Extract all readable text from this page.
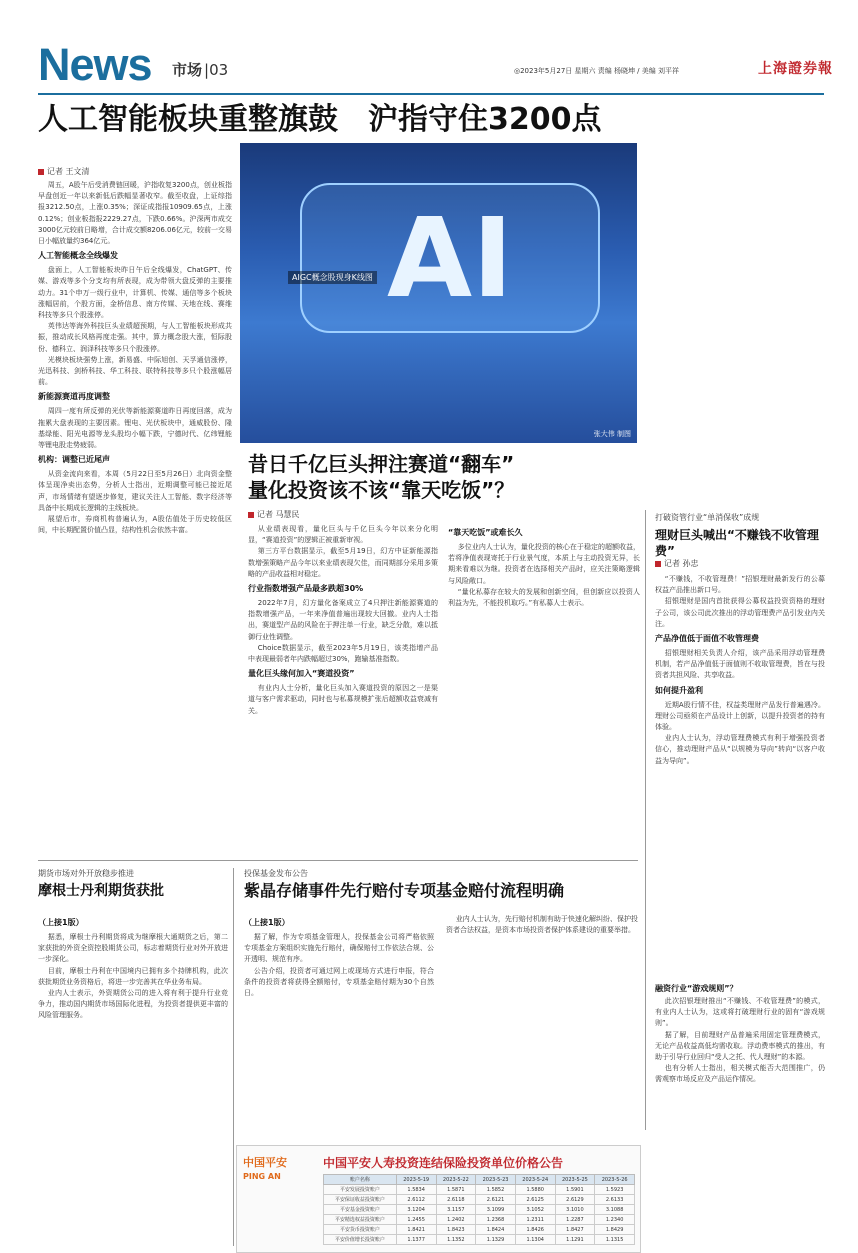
News 市场 |03	◎2023年5月27日 星期六 责编 杨晓坤 / 美编 刘平祥	上海證券報
人工智能板块重整旗鼓　沪指守住3200点
记者 王文清

周五，A股午后受消费链回暖，沪指收复3200点，创业板指早盘创近一年以来新低后跌幅显著收窄。截至收盘，上证综指报3212.50点，上涨0.35%；深证成指报10909.65点，上涨0.12%；创业板指报2229.27点，下跌0.66%。沪深两市成交3000亿元较前日略增，合计成交额8206.06亿元，较前一交易日小幅放量约364亿元。

人工智能概念全线爆发

盘面上，人工智能板块昨日午后全线爆发，ChatGPT、传媒、游戏等多个分支均有所表现，成为带领大盘反弹的主要推动力。31个申万一级行业中，计算机、传媒、通信等多个板块涨幅居前，个股方面，金桥信息、南方传媒、天地在线、赛维科技等多只个股涨停。

英伟达等海外科技巨头业绩超预期，与人工智能板块形成共振，推动成长风格再度走强。其中，算力概念股大涨，恒际股份、德科立、润泽科技等多只个股涨停。

光模块板块强势上涨，新易盛、中际旭创、天孚通信涨停，光迅科技、剑桥科技、华工科技、联特科技等多只个股涨幅居前。

新能源赛道再度调整

周四一度有所反弹的光伏等新能源赛道昨日再度回落，成为拖累大盘表现的主要因素。锂电、光伏板块中，通威股份、隆基绿能、阳光电源等龙头股均小幅下跌，宁德时代、亿纬锂能等锂电股走势疲弱。

机构：调整已近尾声

从资金流向来看，本周（5月22日至5月26日）北向资金整体呈现净卖出态势，分析人士指出，近期调整可能已接近尾声，市场情绪有望逐步修复，建议关注人工智能、数字经济等具备中长期成长逻辑的主线板块。

展望后市，券商机构普遍认为，A股估值处于历史较低区间，中长期配置价值凸显，结构性机会依然丰富。

AI
AIGC概念股现身K线图
张大伟 制图
昔日千亿巨头押注赛道“翻车”
量化投资该不该“靠天吃饭”？
记者 马慧民

从业绩表现看，量化巨头与千亿巨头今年以来分化明显，“赛道投资”的逻辑正被重新审视。

第三方平台数据显示，截至5月19日，幻方中证新能源指数增强策略产品今年以来业绩表现欠佳，而同期部分采用多策略的产品收益相对稳定。

行业指数增强产品最多跌超30%

2022年7月，幻方量化备案成立了4只押注新能源赛道的指数增强产品，一年来净值普遍出现较大回撤。业内人士指出，赛道型产品的风险在于押注单一行业，缺乏分散，难以抵御行业性调整。

Choice数据显示，截至2023年5月19日，该类指增产品中表现最弱者年内跌幅超过30%，跑输基准指数。

量化巨头缘何加入“赛道投资”

有业内人士分析，量化巨头加入赛道投资的原因之一是渠道与客户需求驱动，同时也与私募规模扩张后超额收益衰减有关。

“靠天吃饭”或难长久

多位业内人士认为，量化投资的核心在于稳定的超额收益，若将净值表现寄托于行业景气度，本质上与主动投资无异，长期来看难以为继。投资者在选择相关产品时，应关注策略逻辑与风险敞口。

“量化私募存在较大的发展和创新空间，但创新应以投资人利益为先，不能投机取巧。”有私募人士表示。

打破资管行业“单消保收”成规
理财巨头喊出“不赚钱不收管理费”
记者 孙忠

“不赚钱，不收管理费！”招银理财最新发行的公募权益产品推出新口号。

招银理财是国内首批获得公募权益投资资格的理财子公司，该公司此次推出的浮动管理费产品引发业内关注。

产品净值低于面值不收管理费

招银理财相关负责人介绍，该产品采用浮动管理费机制，若产品净值低于面值则不收取管理费，旨在与投资者共担风险、共享收益。

如何提升盈利

近期A股行情不佳，权益类理财产品发行普遍遇冷。理财公司亟须在产品设计上创新，以提升投资者的持有体验。

业内人士认为，浮动管理费模式有利于增强投资者信心，推动理财产品从“以规模为导向”转向“以客户收益为导向”。

期货市场对外开放稳步推进
摩根士丹利期货获批
（上接1版）

据悉，摩根士丹利期货将成为继摩根大通期货之后，第二家获批的外资全资控股期货公司，标志着期货行业对外开放进一步深化。

目前，摩根士丹利在中国境内已拥有多个持牌机构，此次获批期货业务资格后，将进一步完善其在华业务布局。

业内人士表示，外资期货公司的进入将有利于提升行业竞争力，推动国内期货市场国际化进程，为投资者提供更丰富的风险管理服务。

投保基金发布公告
紫晶存储事件先行赔付专项基金赔付流程明确
（上接1版）

据了解，作为专项基金管理人，投保基金公司将严格依照专项基金方案组织实施先行赔付，确保赔付工作依法合规、公开透明、规范有序。

公告介绍，投资者可通过网上或现场方式进行申报，符合条件的投资者将获得全额赔付，专项基金赔付期为30个自然日。

业内人士认为，先行赔付机制有助于快速化解纠纷、保护投资者合法权益，是资本市场投资者保护体系建设的重要举措。

融资行业“游戏规则”？

此次招银理财推出“不赚钱、不收管理费”的模式，有业内人士认为，这或将打破理财行业的固有“游戏规则”。

据了解，目前理财产品普遍采用固定管理费模式，无论产品收益高低均需收取。浮动费率模式的推出，有助于引导行业回归“受人之托、代人理财”的本源。

也有分析人士指出，相关模式能否大范围推广，仍需观察市场反应及产品运作情况。

中国平安
PING AN
中国平安人寿投资连结保险投资单位价格公告
账户名称	2023-5-19	2023-5-22	2023-5-23	2023-5-24	2023-5-25	2023-5-26
平安发展投资账户	1.5834	1.5871	1.5852	1.5880	1.5901	1.5923
平安保证收益投资账户	2.6112	2.6118	2.6121	2.6125	2.6129	2.6133
平安基金投资账户	3.1204	3.1157	3.1099	3.1052	3.1010	3.1088
平安精选权益投资账户	1.2455	1.2402	1.2368	1.2311	1.2287	1.2340
平安货币投资账户	1.8421	1.8423	1.8424	1.8426	1.8427	1.8429
平安价值增长投资账户	1.1377	1.1352	1.1329	1.1304	1.1291	1.1315
